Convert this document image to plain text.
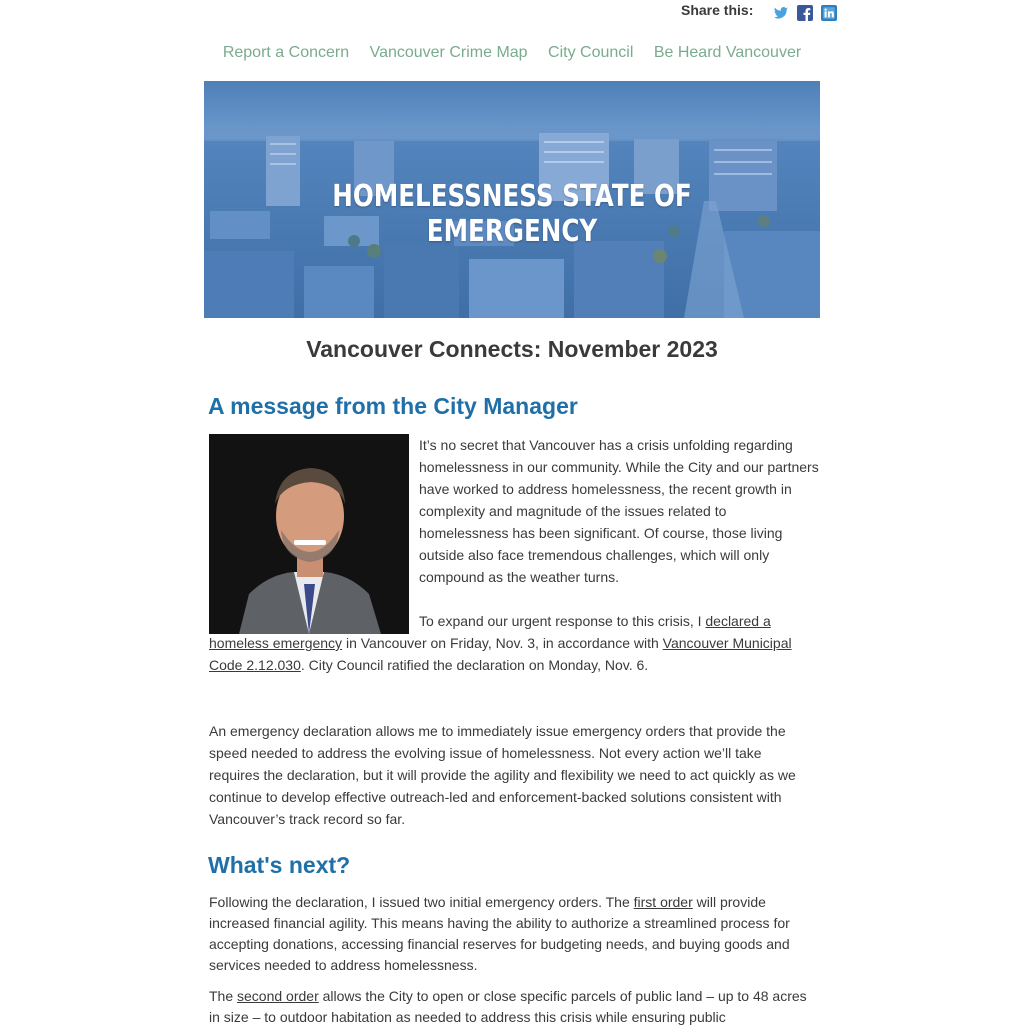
Share this:
Report a Concern Vancouver Crime Map City Council Be Heard Vancouver
HOMELESSNESS STATE OF EMERGENCY
Vancouver Connects: November 2023
A message from the City Manager
It’s no secret that Vancouver has a crisis unfolding regarding homelessness in our community. While the City and our partners have worked to address homelessness, the recent growth in complexity and magnitude of the issues related to homelessness has been significant. Of course, those living outside also face tremendous challenges, which will only compound as the weather turns.
To expand our urgent response to this crisis, I declared a homeless emergency in Vancouver on Friday, Nov. 3, in accordance with Vancouver Municipal Code 2.12.030. City Council ratified the declaration on Monday, Nov. 6.
An emergency declaration allows me to immediately issue emergency orders that provide the speed needed to address the evolving issue of homelessness. Not every action we’ll take requires the declaration, but it will provide the agility and flexibility we need to act quickly as we continue to develop effective outreach-led and enforcement-backed solutions consistent with Vancouver’s track record so far.
What's next?
Following the declaration, I issued two initial emergency orders. The first order will provide increased financial agility. This means having the ability to authorize a streamlined process for accepting donations, accessing financial reserves for budgeting needs, and buying goods and services needed to address homelessness.
The second order allows the City to open or close specific parcels of public land – up to 48 acres in size – to outdoor habitation as needed to address this crisis while ensuring public
